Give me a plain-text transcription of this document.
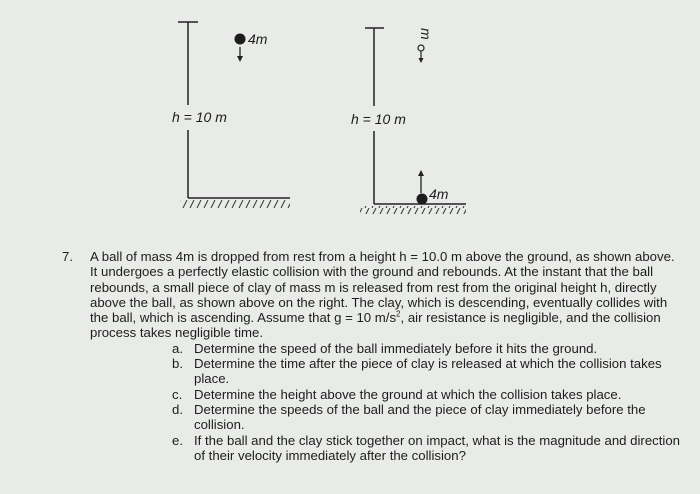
4m
h = 10 m
m
h = 10 m
4m
7. A ball of mass 4m is dropped from rest from a height h = 10.0 m above the ground, as shown above. It undergoes a perfectly elastic collision with the ground and rebounds. At the instant that the ball rebounds, a small piece of clay of mass m is released from rest from the original height h, directly above the ball, as shown above on the right. The clay, which is descending, eventually collides with the ball, which is ascending. Assume that g = 10 $m/s^2$, air resistance is negligible, and the collision process takes negligible time.
a. Determine the speed of the ball immediately before it hits the ground.
b. Determine the time after the piece of clay is released at which the collision takes place.
c. Determine the height above the ground at which the collision takes place.
d. Determine the speeds of the ball and the piece of clay immediately before the collision.
e. If the ball and the clay stick together on impact, what is the magnitude and direction of their velocity immediately after the collision?
